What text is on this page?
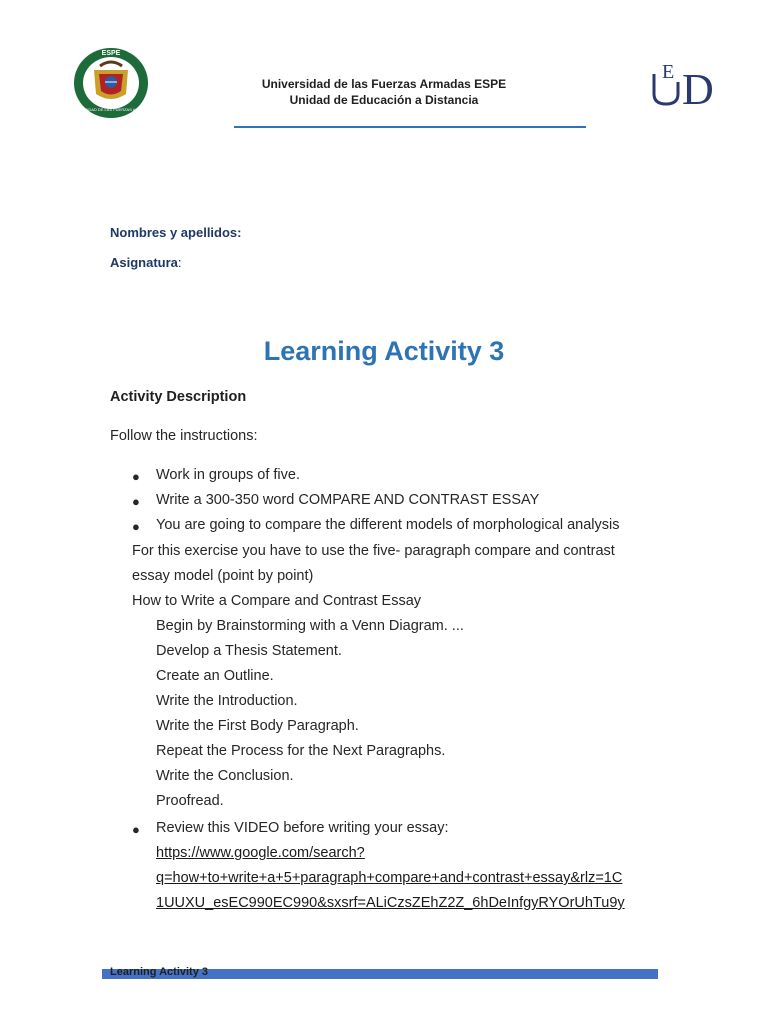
ESPE
UNIVERSIDAD DE LAS FUERZAS ARMADAS
Universidad de las Fuerzas Armadas ESPE
Unidad de Educación a Distancia
E D
Nombres y apellidos:
Asignatura:
Learning Activity 3
Activity Description
Follow the instructions:
● Work in groups of five.
● Write a 300-350 word COMPARE AND CONTRAST ESSAY
● You are going to compare the different models of morphological analysis
For this exercise you have to use the five- paragraph compare and contrast
essay model (point by point)
How to Write a Compare and Contrast Essay
Begin by Brainstorming with a Venn Diagram. ...
Develop a Thesis Statement.
Create an Outline.
Write the Introduction.
Write the First Body Paragraph.
Repeat the Process for the Next Paragraphs.
Write the Conclusion.
Proofread.
● Review this VIDEO before writing your essay:
https://www.google.com/search?
q=how+to+write+a+5+paragraph+compare+and+contrast+essay&rlz=1C
1UUXU_esEC990EC990&sxsrf=ALiCzsZEhZ2Z_6hDeInfgyRYOrUhTu9y
Learning Activity 3
